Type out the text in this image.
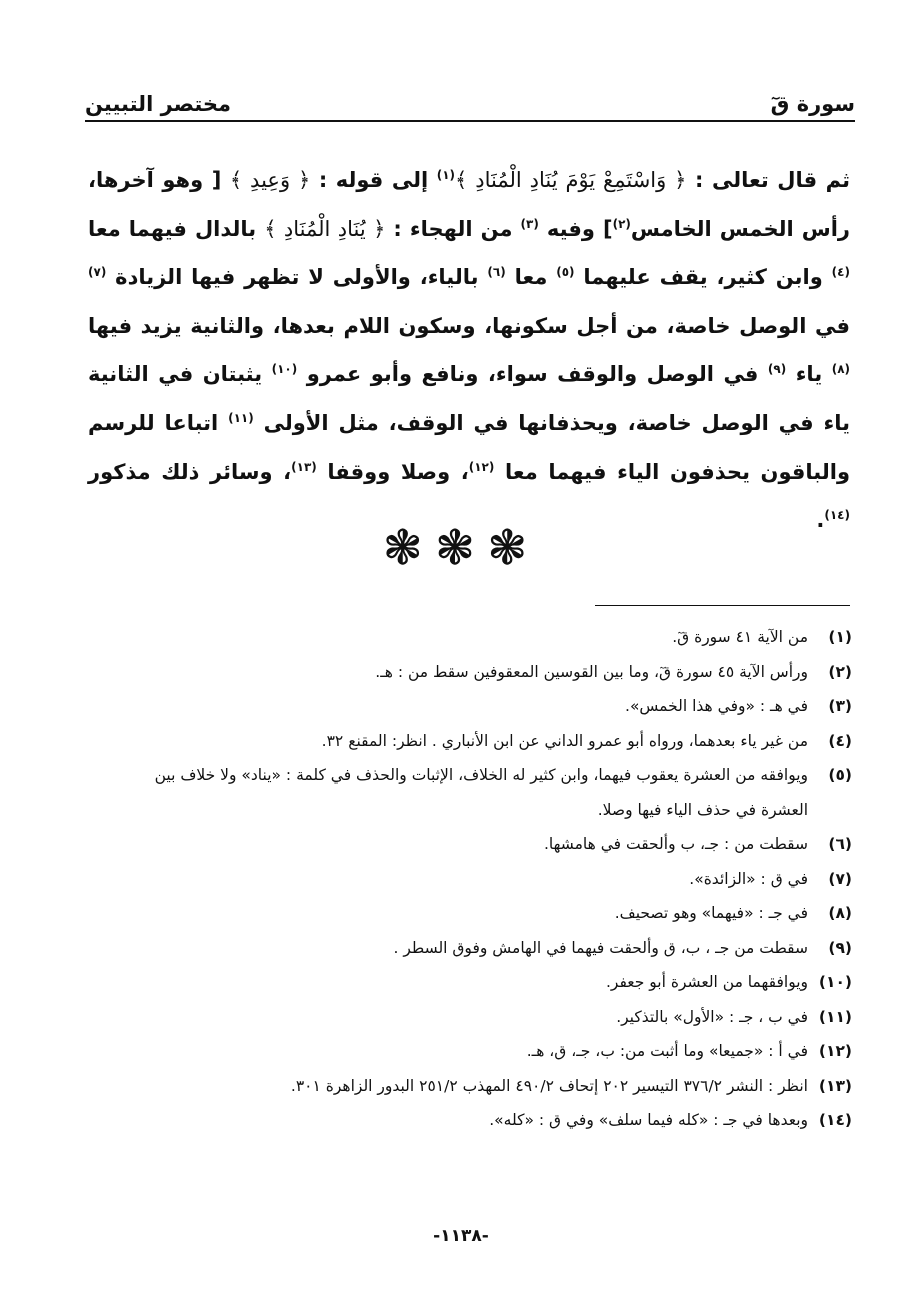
سورة قٓ
مختصر التبيين
ثم قال تعالى : ﴿ وَاسْتَمِعْ يَوْمَ يُنَادِ الْمُنَادِ ﴾$^{(١)}$ إلى قوله : ﴿ وَعِيدِ ﴾ [ وهو آخرها، رأس الخمس الخامس$^{(٢)}$] وفيه $^{(٣)}$ من الهجاء : ﴿ يُنَادِ الْمُنَادِ ﴾ بالدال فيهما معا $^{(٤)}$ وابن كثير، يقف عليهما $^{(٥)}$ معا $^{(٦)}$ بالياء، والأولى لا تظهر فيها الزيادة $^{(٧)}$ في الوصل خاصة، من أجل سكونها، وسكون اللام بعدها، والثانية يزيد فيها $^{(٨)}$ ياء $^{(٩)}$ في الوصل والوقف سواء، ونافع وأبو عمرو $^{(١٠)}$ يثبتان في الثانية ياء في الوصل خاصة، ويحذفانها في الوقف، مثل الأولى $^{(١١)}$ اتباعا للرسم والباقون يحذفون الياء فيهما معا $^{(١٢)}$، وصلا ووقفا $^{(١٣)}$، وسائر ذلك مذكور $^{(١٤)}$.
❃❃❃
(١)
من الآية ٤١ سورة قٓ.
(٢)
ورأس الآية ٤٥ سورة قٓ، وما بين القوسين المعقوفين سقط من : هـ.
(٣)
في هـ : «وفي هذا الخمس».
(٤)
من غير ياء بعدهما، ورواه أبو عمرو الداني عن ابن الأنباري . انظر: المقنع ٣٢.
(٥)
ويوافقه من العشرة يعقوب فيهما، وابن كثير له الخلاف، الإثبات والحذف في كلمة : «يناد» ولا خلاف بين العشرة في حذف الياء فيها وصلا.
(٦)
سقطت من : جـ، ب وألحقت في هامشها.
(٧)
في ق : «الزائدة».
(٨)
في جـ : «فيهما» وهو تصحيف.
(٩)
سقطت من جـ ، ب، ق وألحقت فيهما في الهامش وفوق السطر .
(١٠)
ويوافقهما من العشرة أبو جعفر.
(١١)
في ب ، جـ : «الأول» بالتذكير.
(١٢)
في أ : «جميعا» وما أثبت من: ب، جـ، ق، هـ.
(١٣)
انظر : النشر ٣٧٦/٢ التيسير ٢٠٢ إتحاف ٤٩٠/٢ المهذب ٢٥١/٢ البدور الزاهرة ٣٠١.
(١٤)
وبعدها في جـ : «كله فيما سلف» وفي ق : «كله».
-١١٣٨-
